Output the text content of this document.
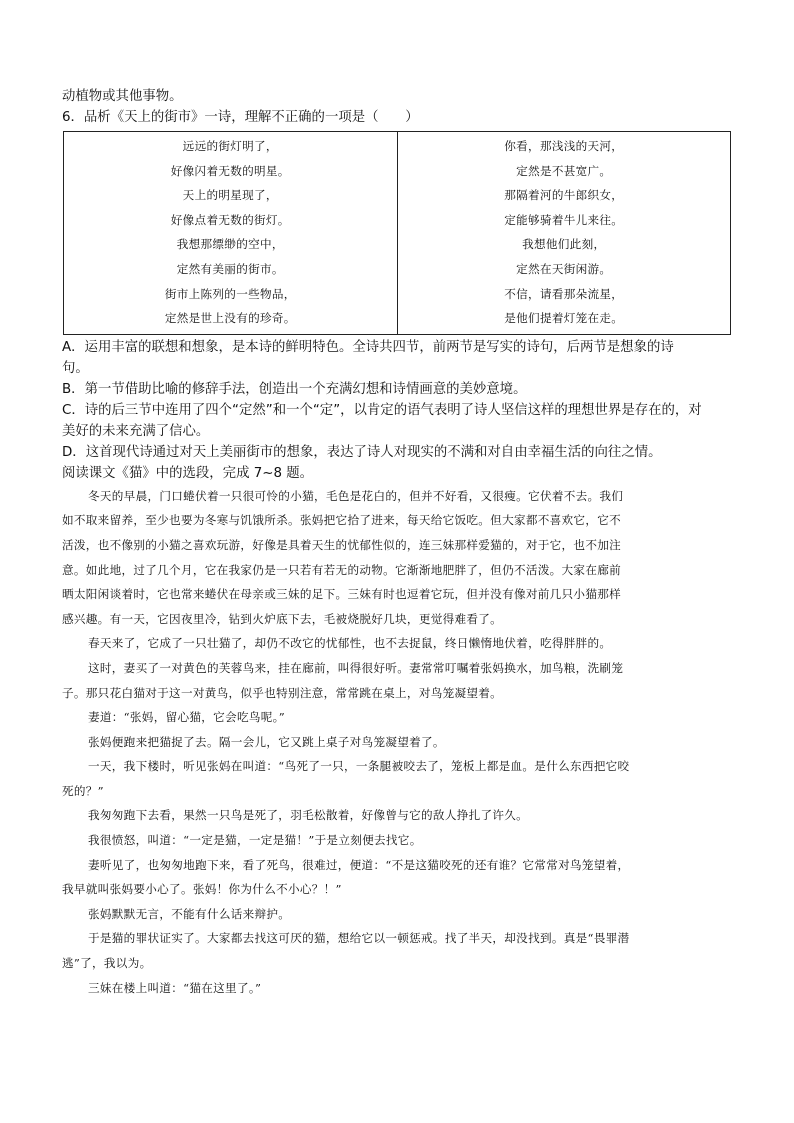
动植物或其他事物。

6．品析《天上的街市》一诗，理解不正确的一项是（　　）

远远的街灯明了，
好像闪着无数的明星。
天上的明星现了，
好像点着无数的街灯。
我想那缥缈的空中，
定然有美丽的街市。
街市上陈列的一些物品，
定然是世上没有的珍奇。

你看，那浅浅的天河，
定然是不甚宽广。
那隔着河的牛郎织女，
定能够骑着牛儿来往。
我想他们此刻，
定然在天街闲游。
不信，请看那朵流星，
是他们提着灯笼在走。

A．运用丰富的联想和想象，是本诗的鲜明特色。全诗共四节，前两节是写实的诗句，后两节是想象的诗

句。

B．第一节借助比喻的修辞手法，创造出一个充满幻想和诗情画意的美妙意境。

C．诗的后三节中连用了四个“定然”和一个“定”，以肯定的语气表明了诗人坚信这样的理想世界是存在的，对

美好的未来充满了信心。

D．这首现代诗通过对天上美丽街市的想象，表达了诗人对现实的不满和对自由幸福生活的向往之情。

阅读课文《猫》中的选段，完成 7~8 题。

冬天的早晨，门口蜷伏着一只很可怜的小猫，毛色是花白的，但并不好看，又很瘦。它伏着不去。我们

如不取来留养，至少也要为冬寒与饥饿所杀。张妈把它拾了进来，每天给它饭吃。但大家都不喜欢它，它不

活泼，也不像别的小猫之喜欢玩游，好像是具着天生的忧郁性似的，连三妹那样爱猫的，对于它，也不加注

意。如此地，过了几个月，它在我家仍是一只若有若无的动物。它渐渐地肥胖了，但仍不活泼。大家在廊前

晒太阳闲谈着时，它也常来蜷伏在母亲或三妹的足下。三妹有时也逗着它玩，但并没有像对前几只小猫那样

感兴趣。有一天，它因夜里冷，钻到火炉底下去，毛被烧脱好几块，更觉得难看了。

春天来了，它成了一只壮猫了，却仍不改它的忧郁性，也不去捉鼠，终日懒惰地伏着，吃得胖胖的。

这时，妻买了一对黄色的芙蓉鸟来，挂在廊前，叫得很好听。妻常常叮嘱着张妈换水，加鸟粮，洗刷笼

子。那只花白猫对于这一对黄鸟，似乎也特别注意，常常跳在桌上，对鸟笼凝望着。

妻道：“张妈，留心猫，它会吃鸟呢。”

张妈便跑来把猫捉了去。隔一会儿，它又跳上桌子对鸟笼凝望着了。

一天，我下楼时，听见张妈在叫道：“鸟死了一只，一条腿被咬去了，笼板上都是血。是什么东西把它咬

死的？”

我匆匆跑下去看，果然一只鸟是死了，羽毛松散着，好像曾与它的敌人挣扎了许久。

我很愤怒，叫道：“一定是猫，一定是猫！”于是立刻便去找它。

妻听见了，也匆匆地跑下来，看了死鸟，很难过，便道：“不是这猫咬死的还有谁？它常常对鸟笼望着，

我早就叫张妈要小心了。张妈！你为什么不小心？！”

张妈默默无言，不能有什么话来辩护。

于是猫的罪状证实了。大家都去找这可厌的猫，想给它以一顿惩戒。找了半天，却没找到。真是“畏罪潜

逃”了，我以为。

三妹在楼上叫道：“猫在这里了。”
